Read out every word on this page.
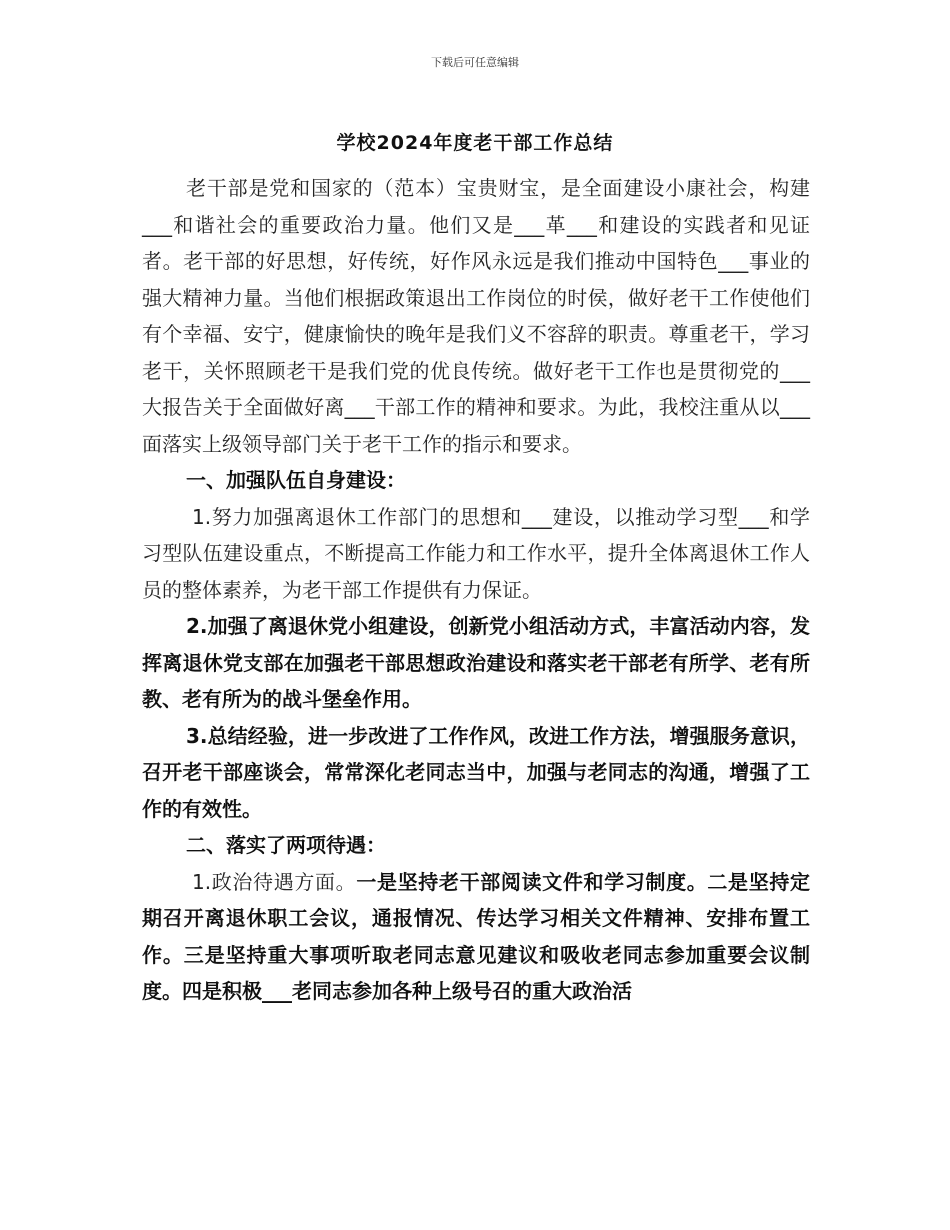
下载后可任意编辑
学校2024年度老干部工作总结

老干部是党和国家的（范本）宝贵财宝，是全面建设小康社会，构建___和谐社会的重要政治力量。他们又是___革___和建设的实践者和见证者。老干部的好思想，好传统，好作风永远是我们推动中国特色___事业的强大精神力量。当他们根据政策退出工作岗位的时侯，做好老干工作使他们有个幸福、安宁，健康愉快的晚年是我们义不容辞的职责。尊重老干，学习老干，关怀照顾老干是我们党的优良传统。做好老干工作也是贯彻党的___大报告关于全面做好离___干部工作的精神和要求。为此，我校注重从以___面落实上级领导部门关于老干工作的指示和要求。

一、加强队伍自身建设：

1.努力加强离退休工作部门的思想和___建设，以推动学习型___和学习型队伍建设重点，不断提高工作能力和工作水平，提升全体离退休工作人员的整体素养，为老干部工作提供有力保证。

2.加强了离退休党小组建设，创新党小组活动方式，丰富活动内容，发挥离退休党支部在加强老干部思想政治建设和落实老干部老有所学、老有所教、老有所为的战斗堡垒作用。

3.总结经验，进一步改进了工作作风，改进工作方法，增强服务意识，召开老干部座谈会，常常深化老同志当中，加强与老同志的沟通，增强了工作的有效性。

二、落实了两项待遇：

1.政治待遇方面。一是坚持老干部阅读文件和学习制度。二是坚持定期召开离退休职工会议，通报情况、传达学习相关文件精神、安排布置工作。三是坚持重大事项听取老同志意见建议和吸收老同志参加重要会议制度。四是积极___老同志参加各种上级号召的重大政治活
